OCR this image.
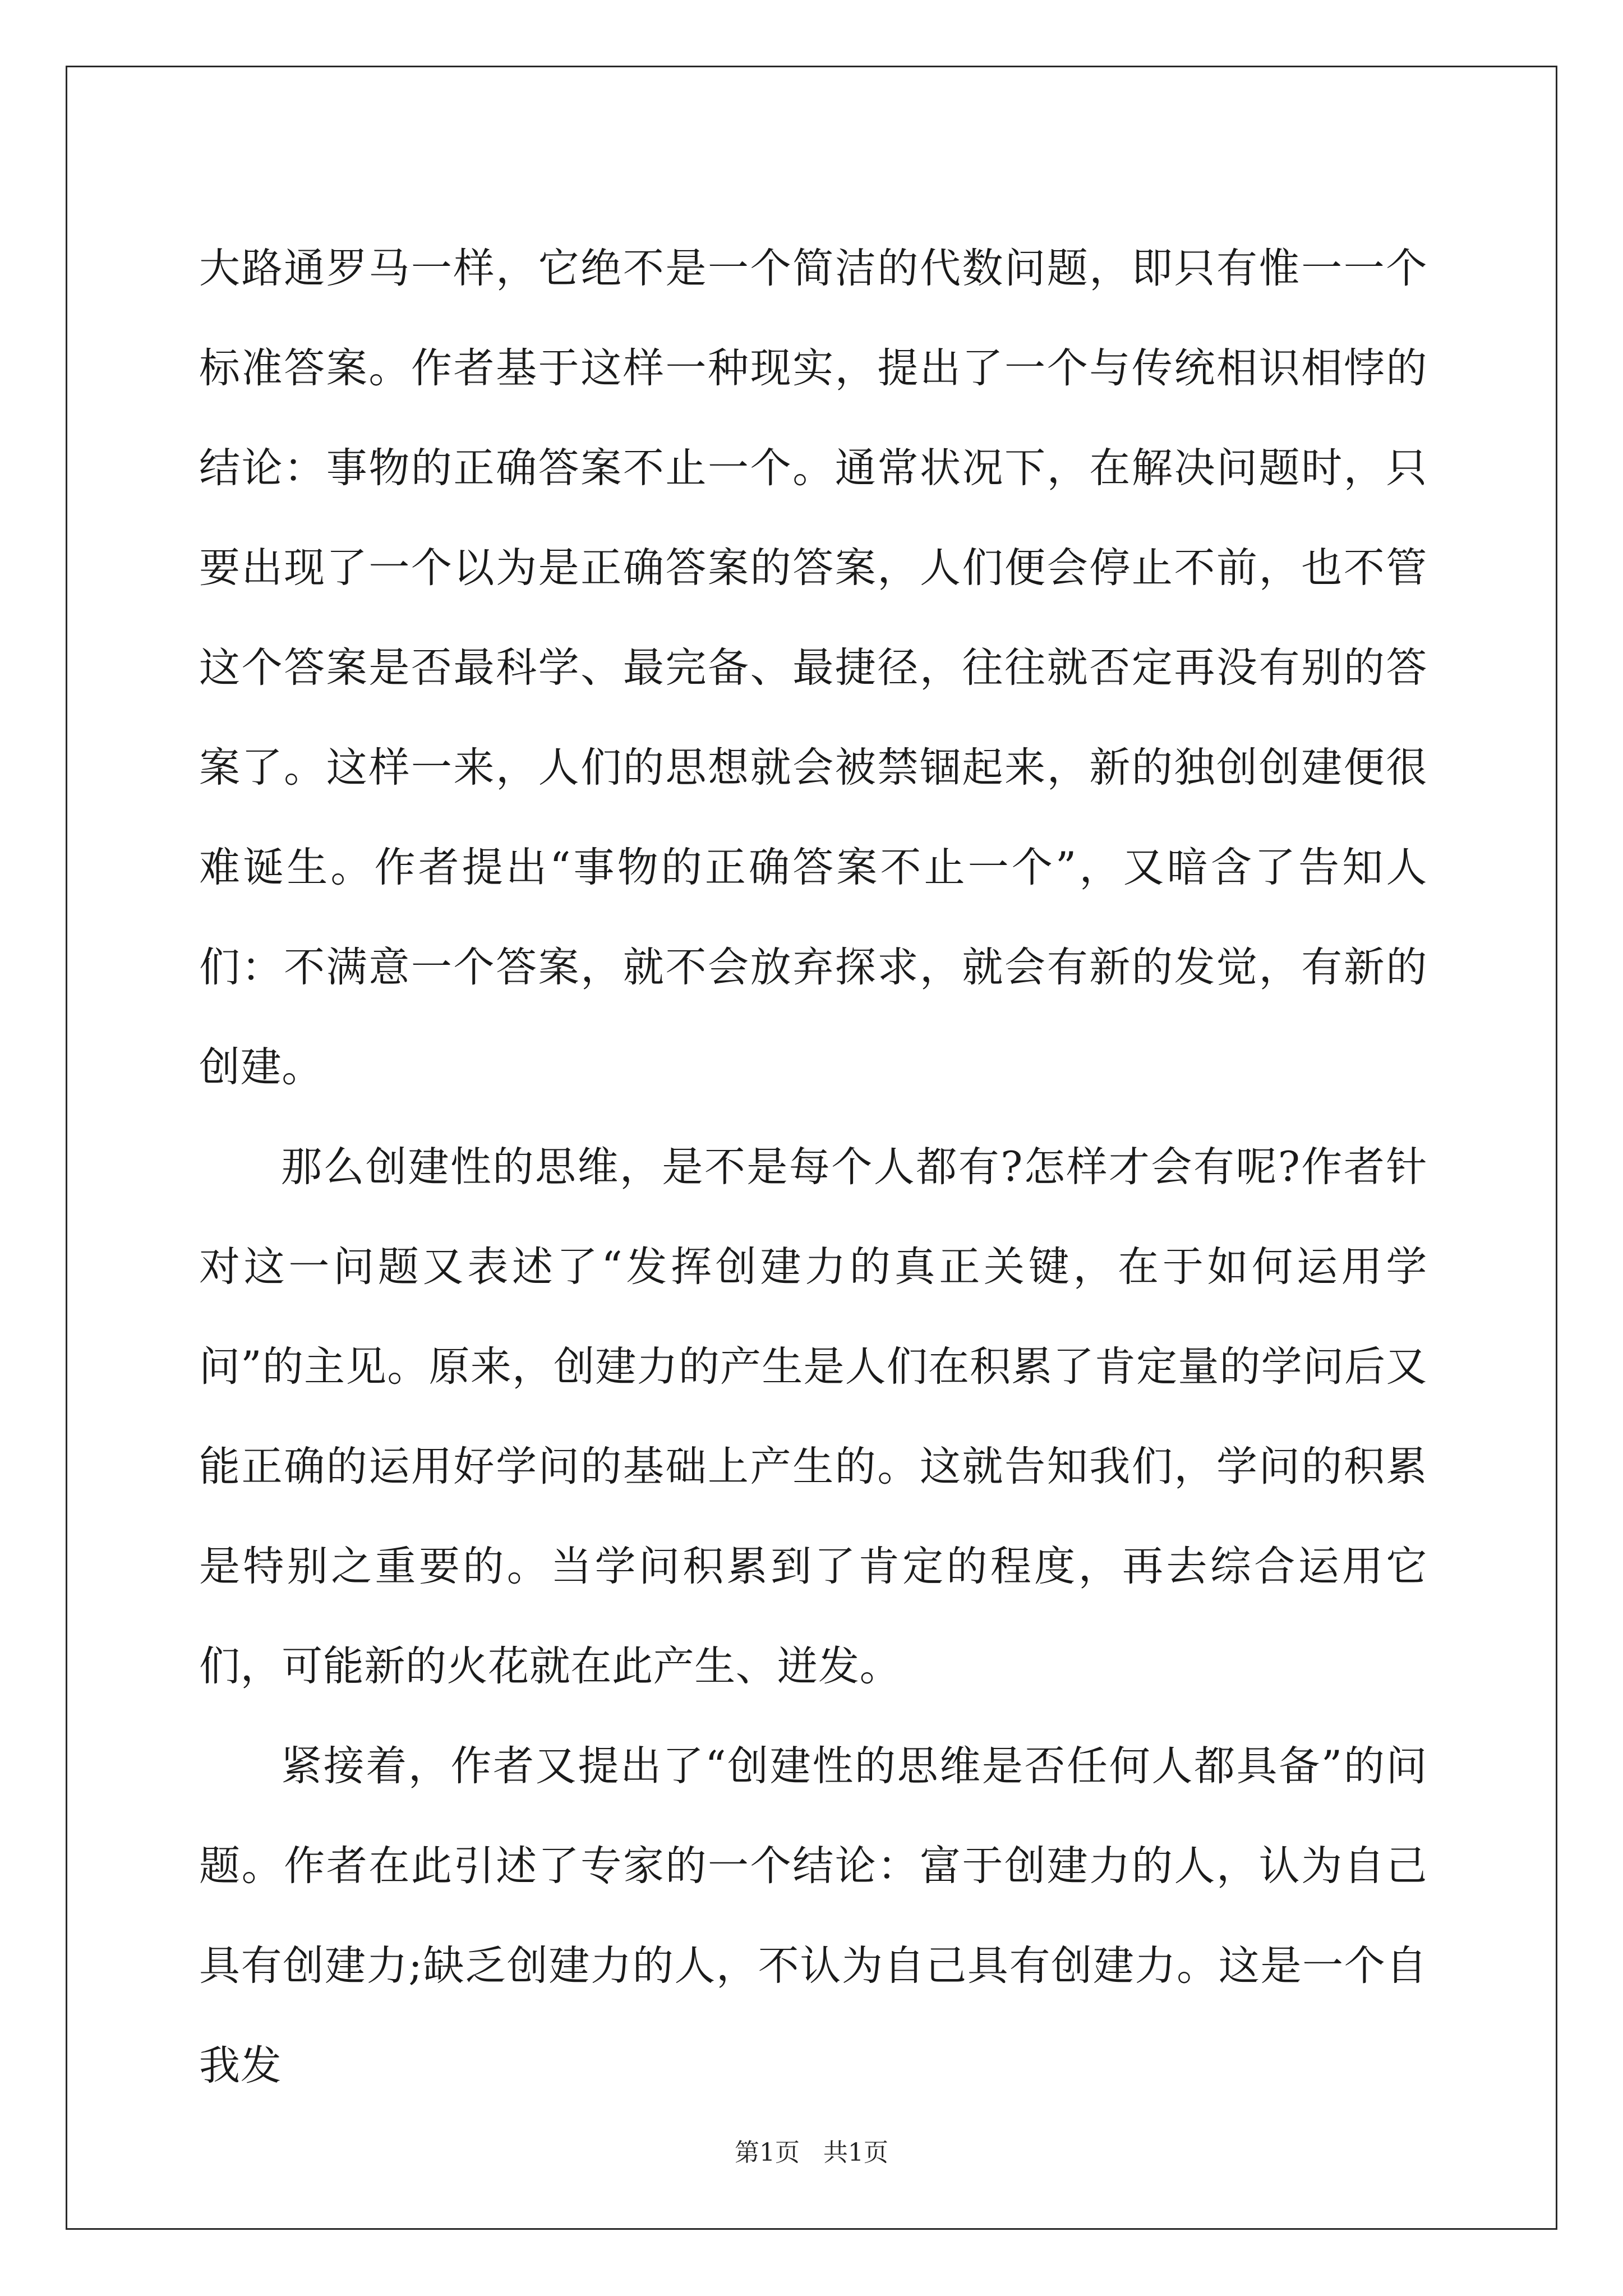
大路通罗马一样，它绝不是一个简洁的代数问题，即只有惟一一个标准答案。作者基于这样一种现实，提出了一个与传统相识相悖的结论：事物的正确答案不止一个。通常状况下，在解决问题时，只要出现了一个以为是正确答案的答案，人们便会停止不前，也不管这个答案是否最科学、最完备、最捷径，往往就否定再没有别的答案了。这样一来，人们的思想就会被禁锢起来，新的独创创建便很难诞生。作者提出“事物的正确答案不止一个”，又暗含了告知人们：不满意一个答案，就不会放弃探求，就会有新的发觉，有新的创建。

那么创建性的思维，是不是每个人都有?怎样才会有呢?作者针对这一问题又表述了“发挥创建力的真正关键，在于如何运用学问”的主见。原来，创建力的产生是人们在积累了肯定量的学问后又能正确的运用好学问的基础上产生的。这就告知我们，学问的积累是特别之重要的。当学问积累到了肯定的程度，再去综合运用它们，可能新的火花就在此产生、迸发。

紧接着，作者又提出了“创建性的思维是否任何人都具备”的问题。作者在此引述了专家的一个结论：富于创建力的人，认为自己具有创建力;缺乏创建力的人，不认为自己具有创建力。这是一个自我发

第1页   共1页
